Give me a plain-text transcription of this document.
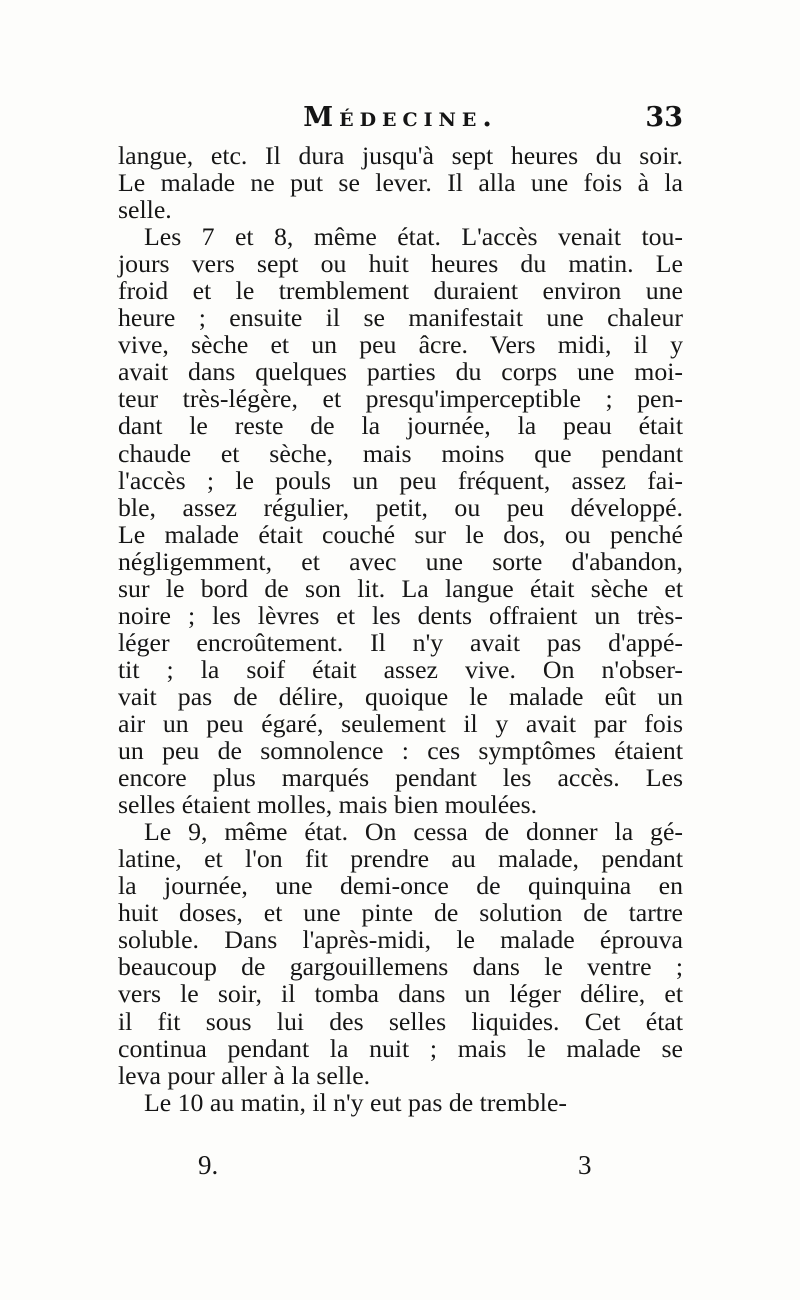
Médecine.	33
langue, etc. Il dura jusqu'à sept heures du soir.
Le malade ne put se lever. Il alla une fois à la
selle.
Les 7 et 8, même état. L'accès venait tou-
jours vers sept ou huit heures du matin. Le
froid et le tremblement duraient environ une
heure ; ensuite il se manifestait une chaleur
vive, sèche et un peu âcre. Vers midi, il y
avait dans quelques parties du corps une moi-
teur très-légère, et presqu'imperceptible ; pen-
dant le reste de la journée, la peau était
chaude et sèche, mais moins que pendant
l'accès ; le pouls un peu fréquent, assez fai-
ble, assez régulier, petit, ou peu développé.
Le malade était couché sur le dos, ou penché
négligemment, et avec une sorte d'abandon,
sur le bord de son lit. La langue était sèche et
noire ; les lèvres et les dents offraient un très-
léger encroûtement. Il n'y avait pas d'appé-
tit ; la soif était assez vive. On n'obser-
vait pas de délire, quoique le malade eût un
air un peu égaré, seulement il y avait par fois
un peu de somnolence : ces symptômes étaient
encore plus marqués pendant les accès. Les
selles étaient molles, mais bien moulées.
Le 9, même état. On cessa de donner la gé-
latine, et l'on fit prendre au malade, pendant
la journée, une demi-once de quinquina en
huit doses, et une pinte de solution de tartre
soluble. Dans l'après-midi, le malade éprouva
beaucoup de gargouillemens dans le ventre ;
vers le soir, il tomba dans un léger délire, et
il fit sous lui des selles liquides. Cet état
continua pendant la nuit ; mais le malade se
leva pour aller à la selle.
Le 10 au matin, il n'y eut pas de tremble-
9.	3
